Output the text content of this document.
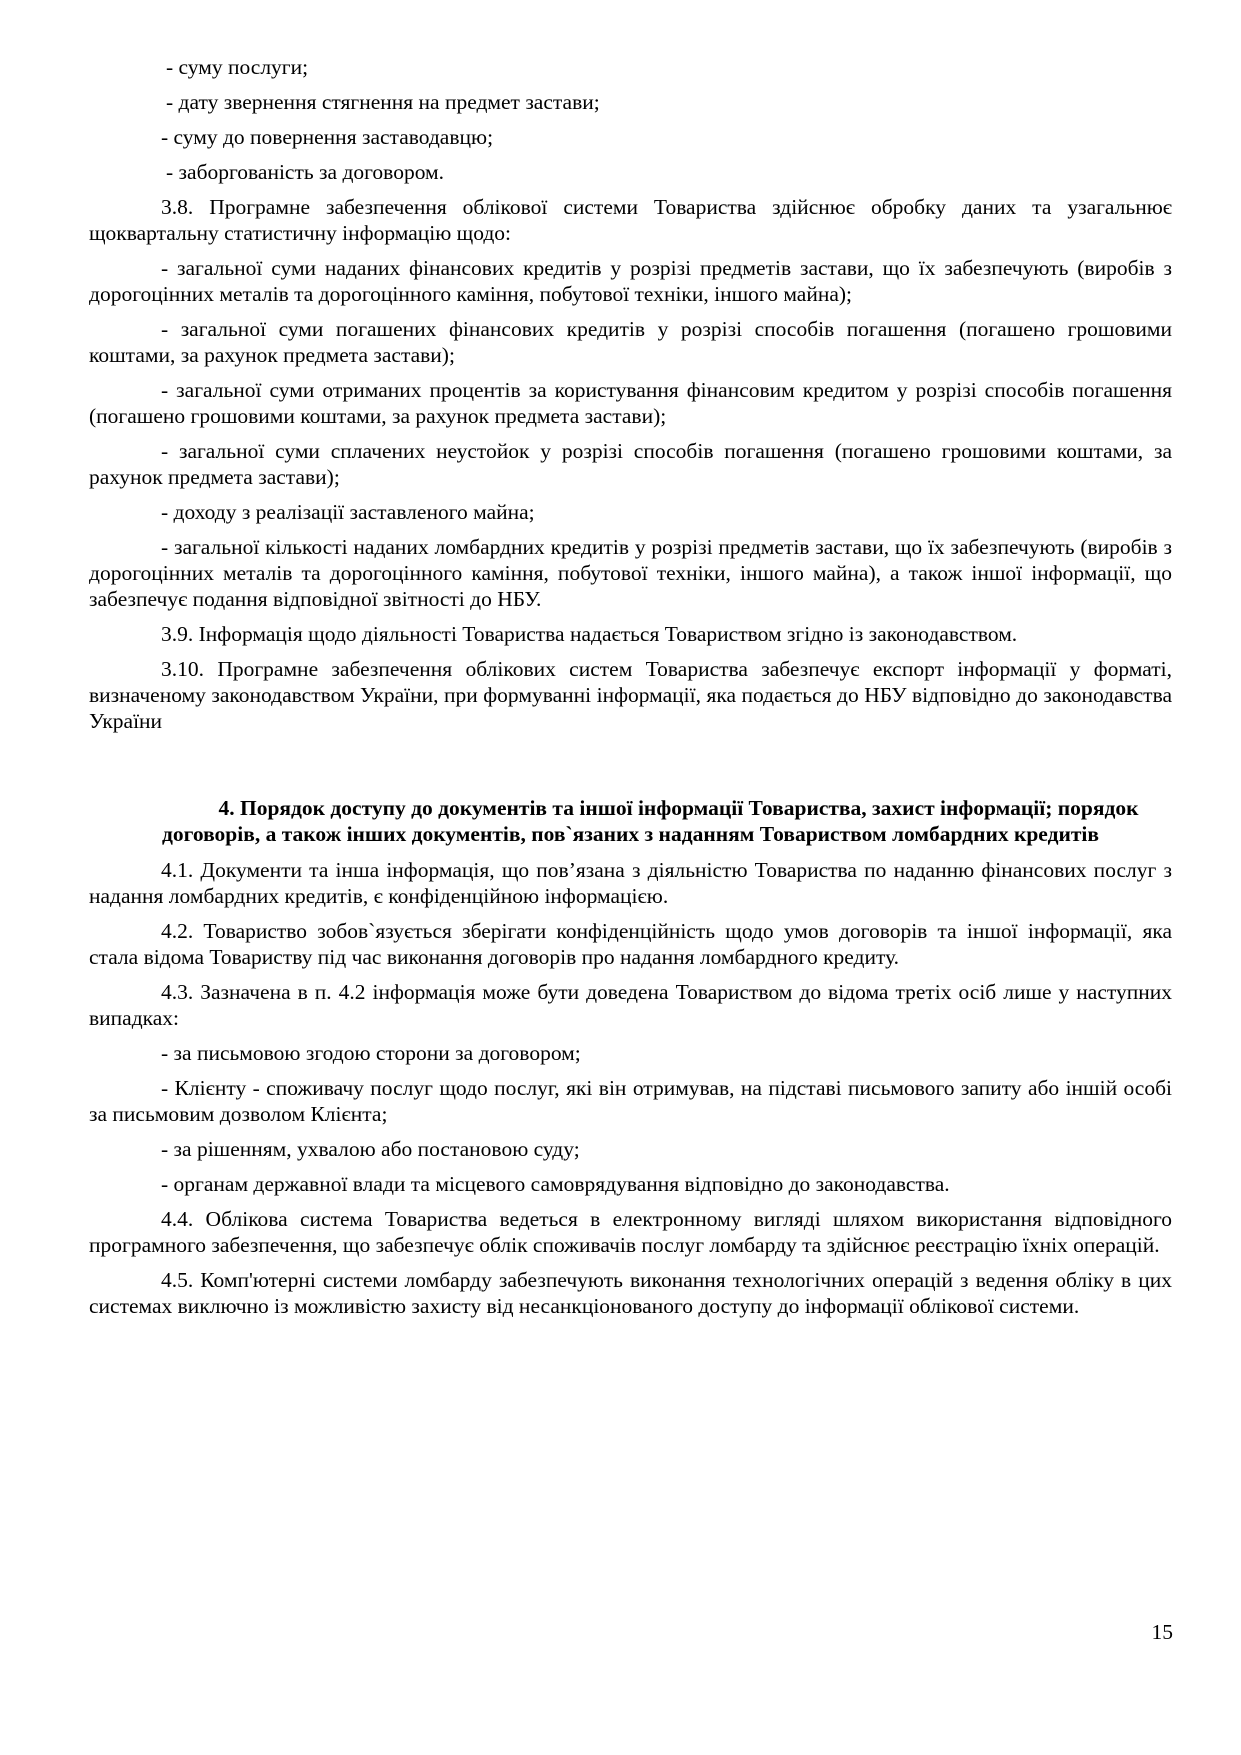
- суму послуги;

- дату звернення стягнення на предмет застави;

- суму до повернення заставодавцю;

- заборгованість за договором.

3.8. Програмне забезпечення облікової системи Товариства здійснює обробку даних та узагальнює щоквартальну статистичну інформацію щодо:

- загальної суми наданих фінансових кредитів у розрізі предметів застави, що їх забезпечують (виробів з дорогоцінних металів та дорогоцінного каміння, побутової техніки, іншого майна);

- загальної суми погашених фінансових кредитів у розрізі способів погашення (погашено грошовими коштами, за рахунок предмета застави);

- загальної суми отриманих процентів за користування фінансовим кредитом у розрізі способів погашення (погашено грошовими коштами, за рахунок предмета застави);

- загальної суми сплачених неустойок у розрізі способів погашення (погашено грошовими коштами, за рахунок предмета застави);

- доходу з реалізації заставленого майна;

- загальної кількості наданих ломбардних кредитів у розрізі предметів застави, що їх забезпечують (виробів з дорогоцінних металів та дорогоцінного каміння, побутової техніки, іншого майна), а також іншої інформації, що забезпечує подання відповідної звітності до НБУ.

3.9. Інформація щодо діяльності Товариства надається Товариством згідно із законодавством.

3.10. Програмне забезпечення облікових систем Товариства забезпечує експорт інформації у форматі, визначеному законодавством України, при формуванні інформації, яка подається до НБУ відповідно до законодавства України

4. Порядок доступу до документів та іншої інформації Товариства, захист інформації; порядок договорів, а також інших документів, пов`язаних з наданням Товариством ломбардних кредитів

4.1. Документи та інша інформація, що пов’язана з діяльністю Товариства по наданню фінансових послуг з надання ломбардних кредитів, є конфіденційною інформацією.

4.2. Товариство зобов`язується зберігати конфіденційність щодо умов договорів та іншої інформації, яка стала відома Товариству під час виконання договорів про надання ломбардного кредиту.

4.3. Зазначена в п. 4.2 інформація може бути доведена Товариством до відома третіх осіб лише у наступних випадках:

- за письмовою згодою сторони за договором;

- Клієнту - споживачу послуг щодо послуг, які він отримував, на підставі письмового запиту або іншій особі за письмовим дозволом Клієнта;

- за рішенням, ухвалою або постановою суду;

- органам державної влади та місцевого самоврядування відповідно до законодавства.

4.4. Облікова система Товариства ведеться в електронному вигляді шляхом використання відповідного програмного забезпечення, що забезпечує облік споживачів послуг ломбарду та здійснює реєстрацію їхніх операцій.

4.5. Комп'ютерні системи ломбарду забезпечують виконання технологічних операцій з ведення обліку в цих системах виключно із можливістю захисту від несанкціонованого доступу до інформації облікової системи.

15
